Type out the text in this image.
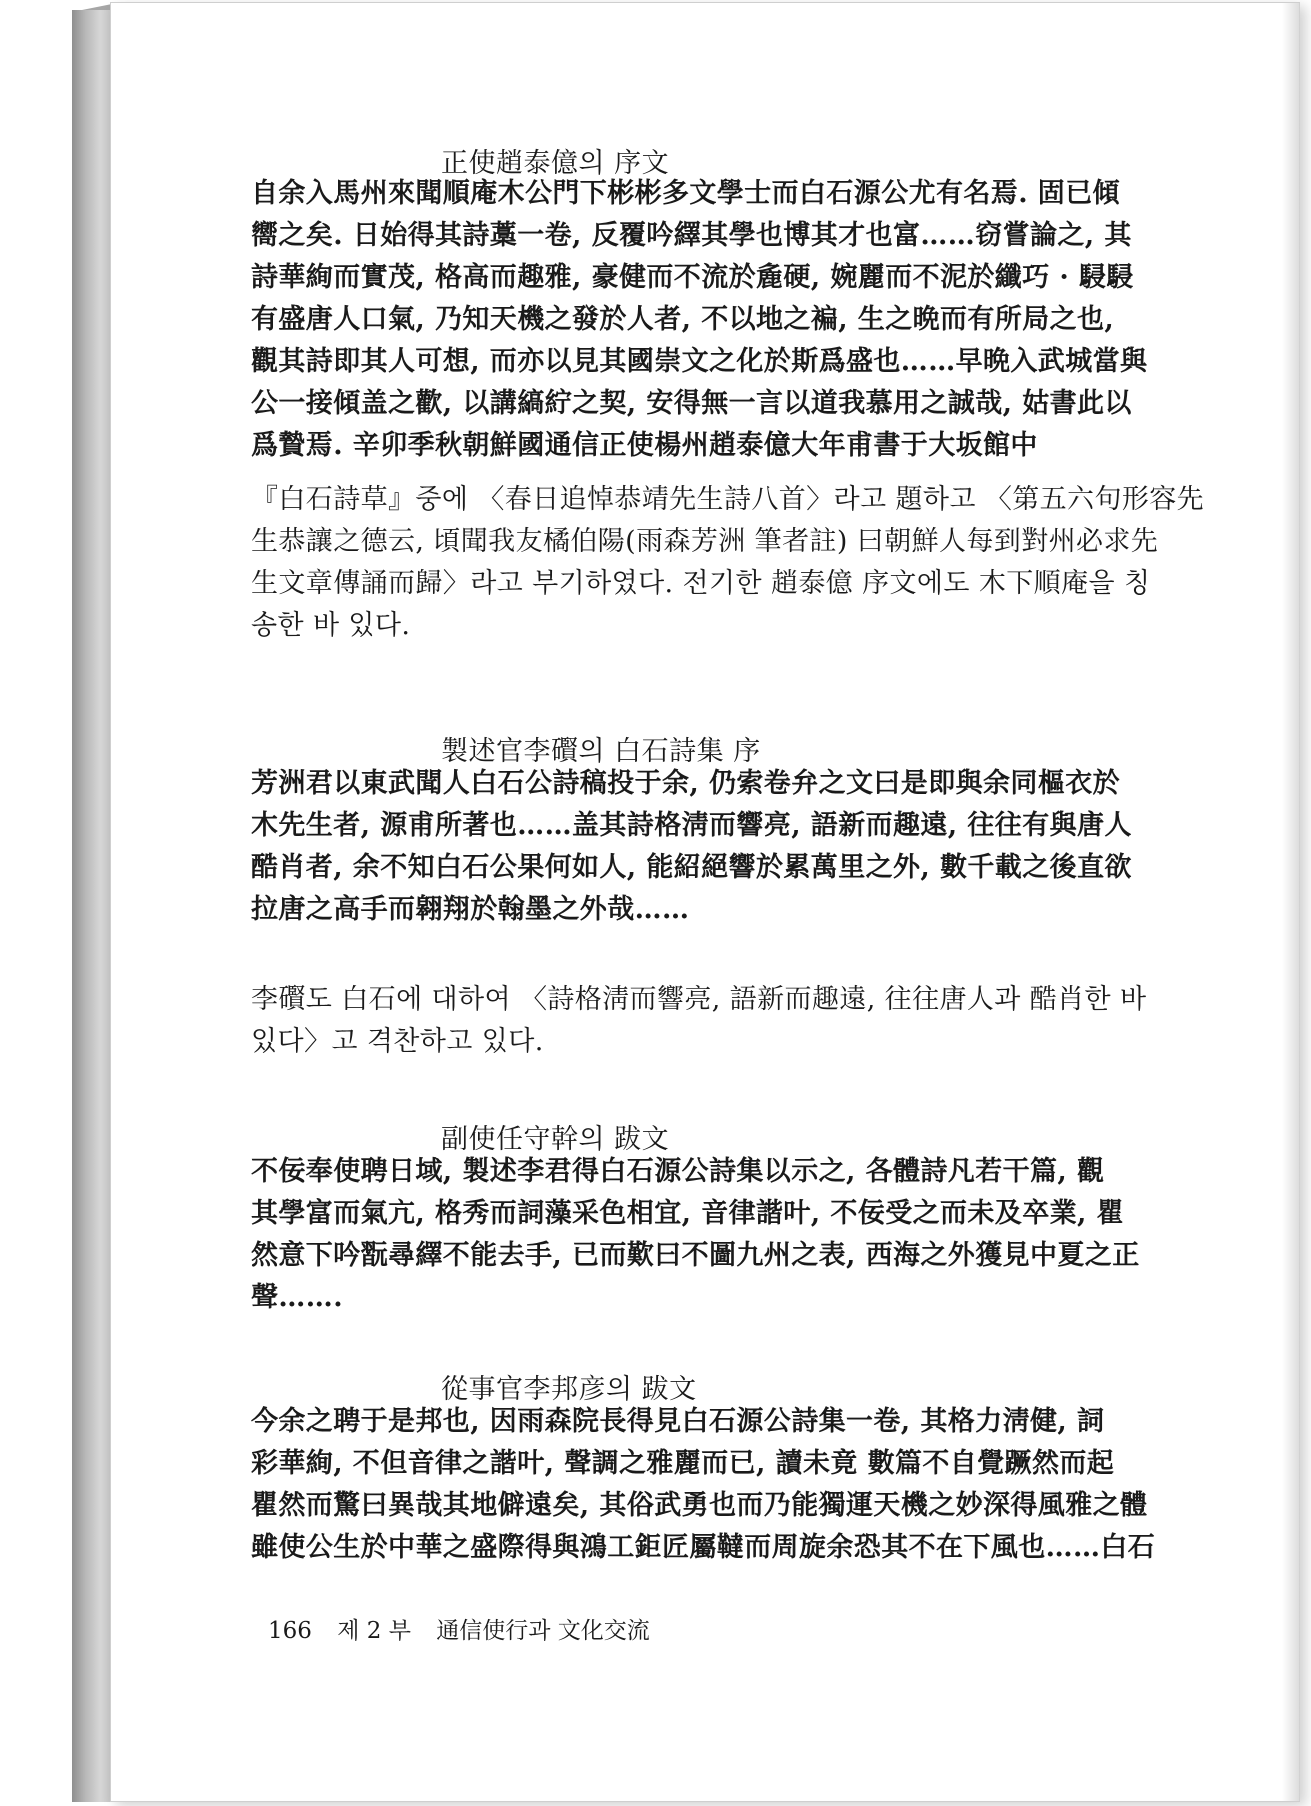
正使趙泰億의 序文
自余入馬州來聞順庵木公門下彬彬多文學士而白石源公尤有名焉. 固已傾
嚮之矣. 日始得其詩藁一卷, 反覆吟繹其學也博其才也富……窃嘗論之, 其
詩華絢而實茂, 格高而趣雅, 豪健而不流於麁硬, 婉麗而不泥於纖巧 · 駸駸
有盛唐人口氣, 乃知天機之發於人者, 不以地之褊, 生之晩而有所局之也,
觀其詩即其人可想, 而亦以見其國崇文之化於斯爲盛也……早晩入武城當與
公一接傾盖之歡, 以講縞紵之契, 安得無一言以道我慕用之誠哉, 姑書此以
爲贄焉. 辛卯季秋朝鮮國通信正使楊州趙泰億大年甫書于大坂館中
『白石詩草』중에 〈春日追悼恭靖先生詩八首〉라고 題하고 〈第五六句形容先
生恭讓之德云, 頃聞我友橘伯陽(雨森芳洲 筆者註) 曰朝鮮人每到對州必求先
生文章傳誦而歸〉라고 부기하였다. 전기한 趙泰億 序文에도 木下順庵을 칭
송한 바 있다.
製述官李礥의 白石詩集 序
芳洲君以東武聞人白石公詩稿投于余, 仍索卷弁之文曰是即與余同樞衣於
木先生者, 源甫所著也……盖其詩格淸而響亮, 語新而趣遠, 往往有與唐人
酷肖者, 余不知白石公果何如人, 能紹絕響於累萬里之外, 數千載之後直欲
拉唐之高手而翱翔於翰墨之外哉……
李礥도 白石에 대하여 〈詩格淸而響亮, 語新而趣遠, 往往唐人과 酷肖한 바
있다〉고 격찬하고 있다.
副使任守幹의 跋文
不佞奉使聘日域, 製述李君得白石源公詩集以示之, 各體詩凡若干篇, 觀
其學富而氣亢, 格秀而詞藻采色相宜, 音律諧叶, 不佞受之而未及卒業, 瞿
然意下吟翫尋繹不能去手, 已而歎曰不圖九州之表, 西海之外獲見中夏之正
聲…….
從事官李邦彦의 跋文
今余之聘于是邦也, 因雨森院長得見白石源公詩集一卷, 其格力淸健, 詞
彩華絢, 不但音律之諧叶, 聲調之雅麗而已, 讀未竟 數篇不自覺蹶然而起
瞿然而驚曰異哉其地僻遠矣, 其俗武勇也而乃能獨運天機之妙深得風雅之體
雖使公生於中華之盛際得與鴻工鉅匠屬韃而周旋余恐其不在下風也……白石
166 제 2 부 通信使行과 文化交流
